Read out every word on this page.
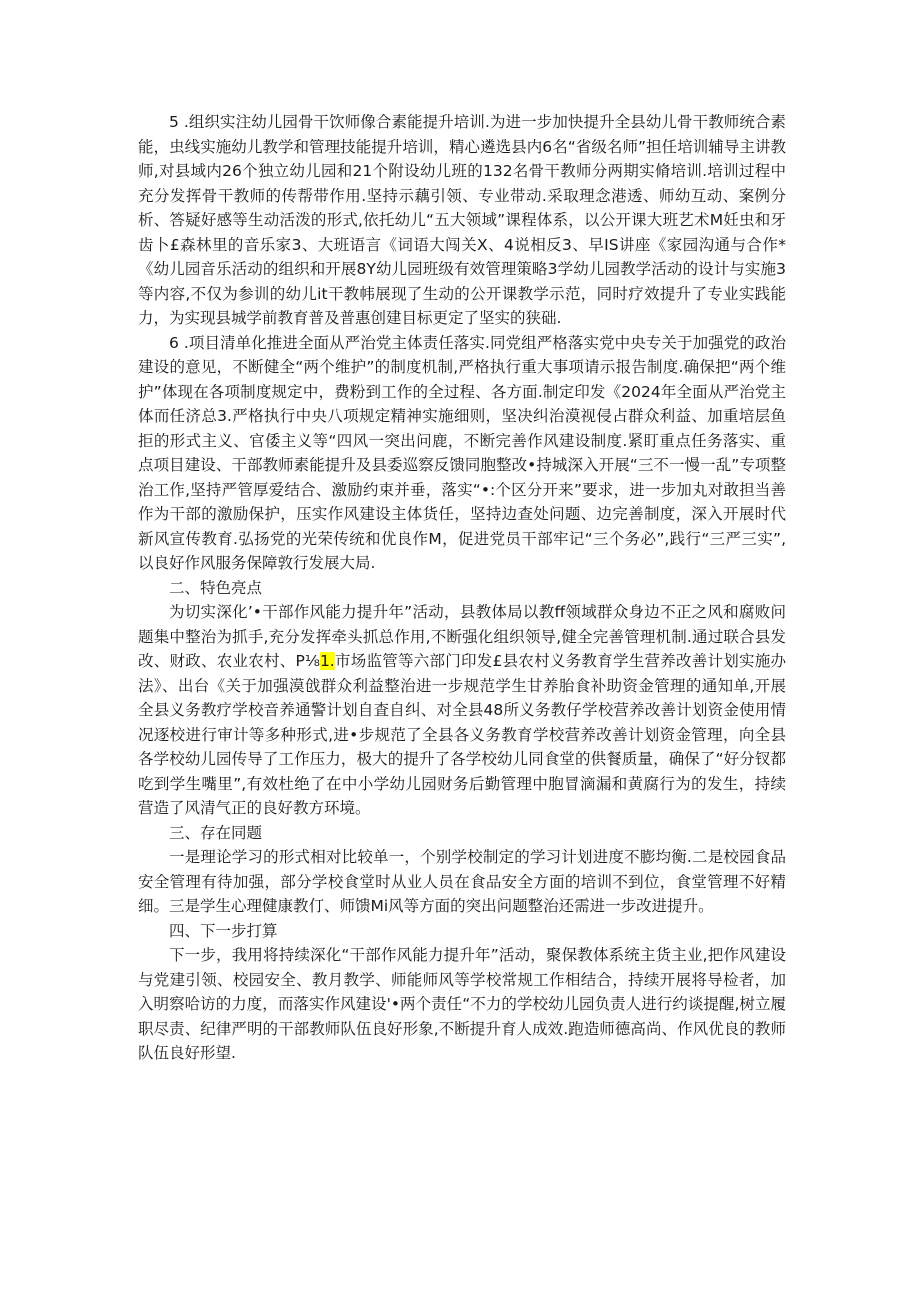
5 .组织实注幼儿园骨干饮师像合素能提升培训.为进一步加快提升全县幼儿骨干教师统合素能，虫线实施幼儿教学和管理技能提升培训，精心遴选县内6名“省级名师”担任培训辅导主讲教师,对县域内26个独立幼儿园和21个附设幼儿班的132名骨干教师分两期实脩培训.培训过程中充分发挥骨干教师的传帮带作用.坚持示藕引领、专业带动.采取理念港透、师幼互动、案例分析、答疑好感等生动活泼的形式,依托幼儿“五大领域”课程体系，以公开课大班艺术M妊虫和牙齿卜£森林里的音乐家3、大班语言《词语大闯关X、4说相反3、早IS讲座《家园沟通与合作*《幼儿园音乐活动的组织和开展8Y幼儿园班级有效管理策略3学幼儿园教学活动的设计与实施3等内容,不仅为参训的幼儿it干教帏展现了生动的公开课教学示范，同时疗效提升了专业实践能力，为实现县城学前教育普及普惠创建目标更定了坚实的狭础.

6 .项目清单化推进全面从严治党主体责任落实.同党组严格落实党中央专关于加强党的政治建设的意见，不断健全“两个维护”的制度机制,严格执行重大事项请示报告制度.确保把“两个维护”体现在各项制度规定中，费粉到工作的全过程、各方面.制定印发《2024年全面从严治党主体而任济总3.严格执行中央八项规定精神实施细则，坚决纠治漠视侵占群众利益、加重培层鱼拒的形式主义、官倭主义等“四风一突出问鹿，不断完善作风建设制度.紧盯重点任务落实、重点项目建设、干部教师素能提升及县委巡察反馈同胞整改•持城深入开展“三不一慢一乱”专项整治工作,坚持严管厚爱结合、激励约束并垂，落实“•:个区分开来”要求，进一步加丸对敢担当善作为干部的激励保护，压实作风建设主体货任，坚持边查处问题、边完善制度，深入开展时代新风宣传教育.弘扬党的光荣传统和优良作M，促进党员干部牢记“三个务必”,践行“三严三实”,以良好作风服务保障敦行发展大局.

二、特色亮点

为切实深化’•干部作风能力提升年”活动，县教体局以教ff领域群众身边不正之风和腐败问题集中整治为抓手,充分发挥牵头抓总作用,不断强化组织领导,健全完善管理机制.通过联合县发改、财政、农业农村、P⅛1.市场监管等六部门印发£县农村义务教育学生营养改善计划实施办法》、出台《关于加强漠戗群众利益整治进一步规范学生甘养胎食补助资金管理的通知单,开展全县义务教疗学校音养通警计划自査自纠、对全县48所义务教仔学校营养改善计划资金使用情况逐校进行审计等多种形式,进•步规范了全县各义务教育学校营养改善计划资金管理，向全县各学校幼儿园传导了工作压力，极大的提升了各学校幼儿同食堂的供餐质量，确保了“好分钗都吃到学生嘴里”,有效杜绝了在中小学幼儿园财务后勤管理中胞冒滴漏和黄腐行为的发生，持续营造了风清气正的良好教方环境。

三、存在同题

一是理论学习的形式相对比较单一，个别学校制定的学习计划进度不膨均衡.二是校园食品安全管理有待加强，部分学校食堂时从业人员在食品安全方面的培训不到位，食堂管理不好精细。三是学生心理健康教仃、师馈Mi风等方面的突出问题整治还需进一步改进提升。

四、下一步打算

下一步，我用将持续深化“干部作风能力提升年”活动，聚保教体系统主货主业,把作风建设与党建引领、校园安全、教月教学、师能师风等学校常规工作相结合，持续开展将导检者，加入明察哈访的力度，而落实作风建设'•两个责任“不力的学校幼儿园负责人进行约谈提醒,树立履职尽责、纪律严明的干部教师队伍良好形象,不断提升育人成效.跑造师德高尚、作风优良的教师队伍良好形望.
